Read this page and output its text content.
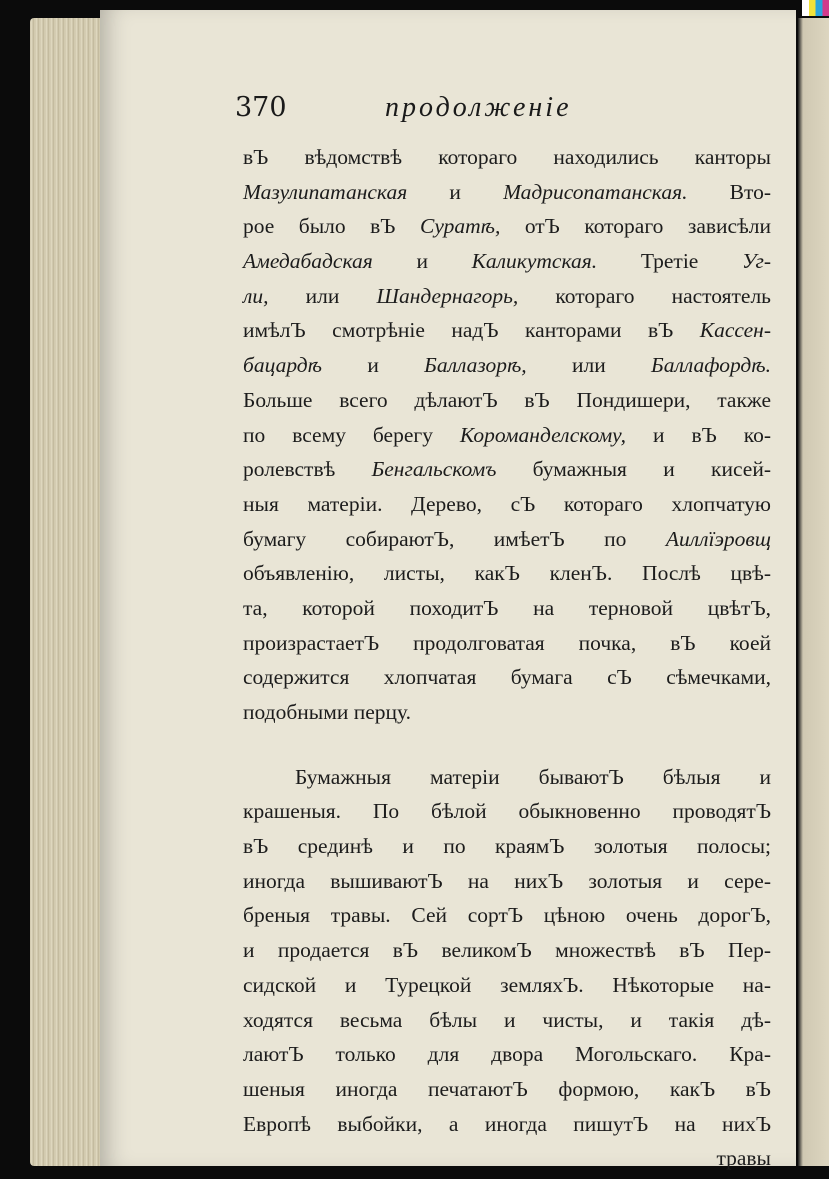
370	продолженіе
вЪ вѣдомствѣ котораго находились канторы
Мазулипатанская и Мадрисопатанская. Вто-
рое было вЪ Суратѣ, отЪ котораго зависѣли
Амедабадская и Каликутская. Третіе Уг-
ли, или Шандернагорь, котораго настоятель
имѣлЪ смотрѣніе надЪ канторами вЪ Кассен-
бацардѣ и Баллазорѣ, или Баллафордѣ.
Больше всего дѣлаютЪ вЪ Пондишери, также
по всему берегу Короманделскому, и вЪ ко-
ролевствѣ Бенгальскомъ бумажныя и кисей-
ныя матеріи. Дерево, сЪ котораго хлопчатую
бумагу собираютЪ, имѣетЪ по Аиллїэровщ
объявленію, листы, какЪ кленЪ. Послѣ цвѣ-
та, которой походитЪ на терновой цвѣтЪ,
произрастаетЪ продолговатая почка, вЪ коей
содержится хлопчатая бумага сЪ сѣмечками,
подобными перцу.
Бумажныя матеріи бываютЪ бѣлыя и
крашеныя. По бѣлой обыкновенно проводятЪ
вЪ срединѣ и по краямЪ золотыя полосы;
иногда вышиваютЪ на нихЪ золотыя и сере-
бреныя травы. Сей сортЪ цѣною очень дорогЪ,
и продается вЪ великомЪ множествѣ вЪ Пер-
сидской и Турецкой земляхЪ. Нѣкоторые на-
ходятся весьма бѣлы и чисты, и такія дѣ-
лаютЪ только для двора Могольскаго. Кра-
шеныя иногда печатаютЪ формою, какЪ вЪ
Европѣ выбойки, а иногда пишутЪ на нихЪ
травы
